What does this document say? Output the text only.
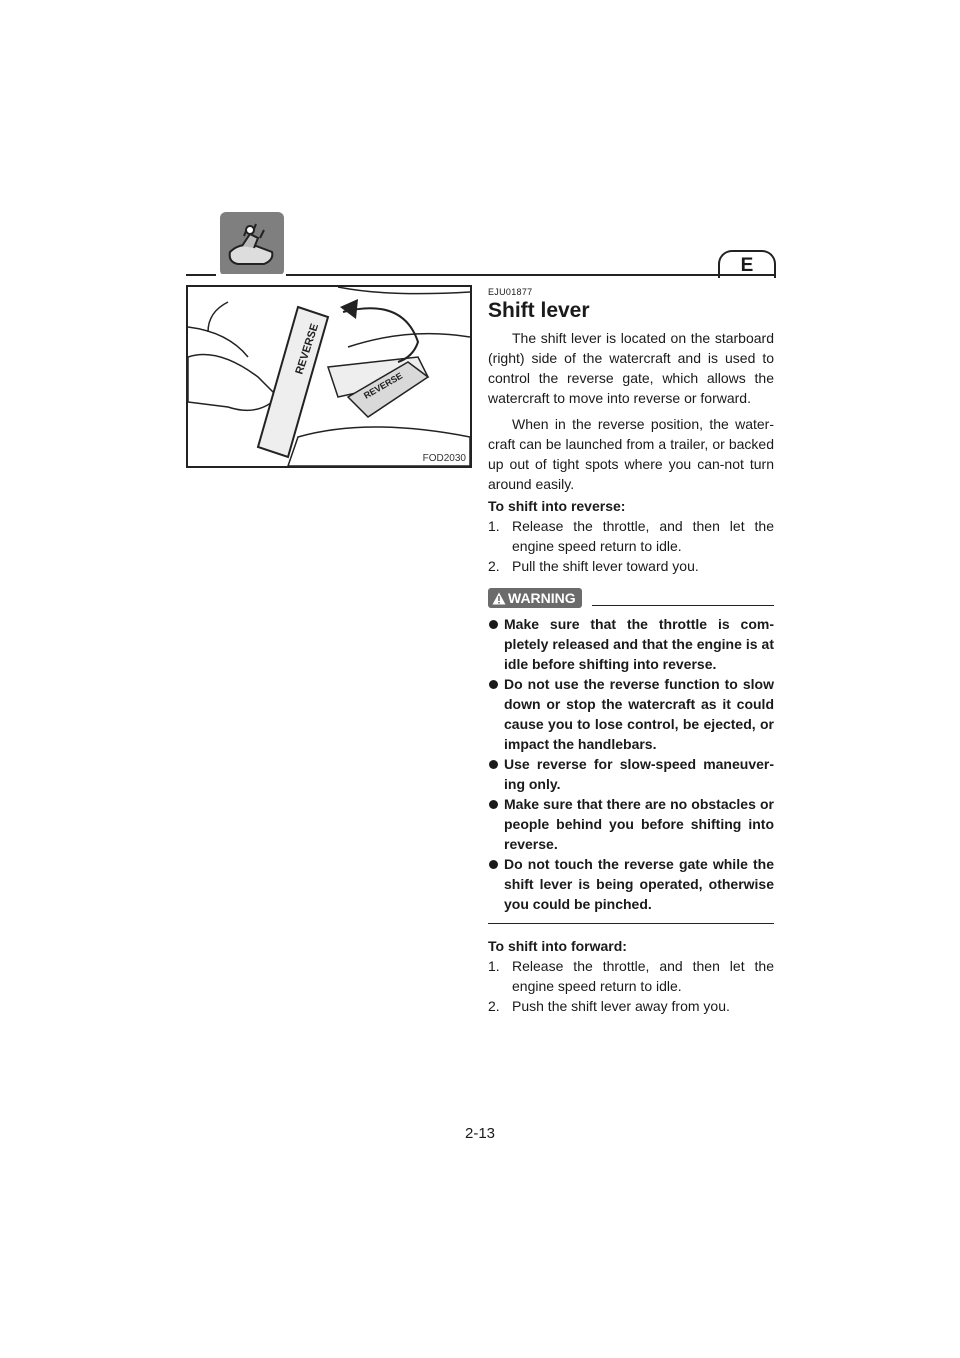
E
REVERSE
REVERSE
FOD2030
EJU01877
Shift lever

The shift lever is located on the starboard (right) side of the watercraft and is used to control the reverse gate, which allows the watercraft to move into reverse or forward.

When in the reverse position, the water-craft can be launched from a trailer, or backed up out of tight spots where you can-not turn around easily.

To shift into reverse:
1. Release the throttle, and then let the engine speed return to idle.
2. Pull the shift lever toward you.
WARNING
Make sure that the throttle is com-pletely released and that the engine is at idle before shifting into reverse.
Do not use the reverse function to slow down or stop the watercraft as it could cause you to lose control, be ejected, or impact the handlebars.
Use reverse for slow-speed maneuver-ing only.
Make sure that there are no obstacles or people behind you before shifting into reverse.
Do not touch the reverse gate while the shift lever is being operated, otherwise you could be pinched.
To shift into forward:
1. Release the throttle, and then let the engine speed return to idle.
2. Push the shift lever away from you.
2-13
